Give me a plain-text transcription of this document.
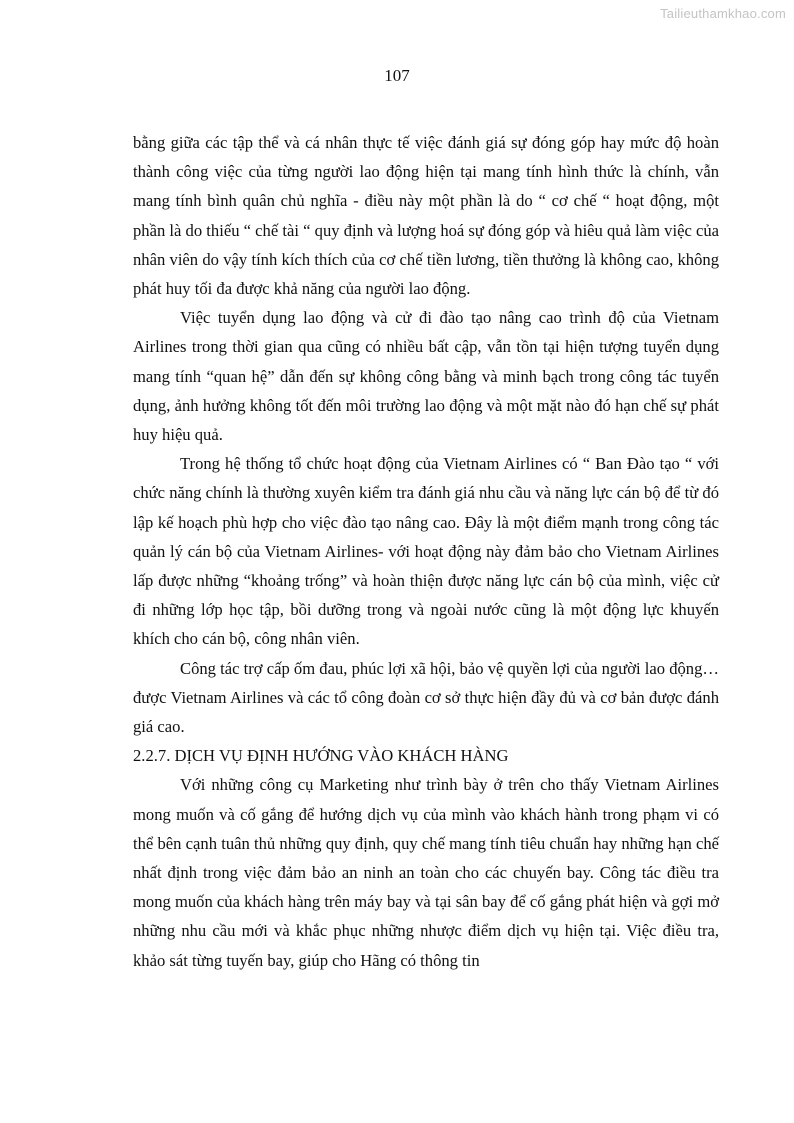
Tailieuthamkhao.com
107

bằng giữa các tập thể và cá nhân thực tế việc đánh giá sự đóng góp hay mức độ hoàn thành công việc của từng người lao động hiện tại mang tính hình thức là chính, vẫn mang tính bình quân chủ nghĩa - điều này một phần là do “ cơ chế “ hoạt động, một phần là do thiếu “ chế tài “ quy định và lượng hoá sự đóng góp và hiêu quả làm việc của nhân viên do vậy tính kích thích của cơ chế tiền lương, tiền thưởng là không cao, không phát huy tối đa được khả năng của người lao động.

Việc tuyển dụng lao động và cử đi đào tạo nâng cao trình độ của Vietnam Airlines trong thời gian qua cũng có nhiều bất cập, vẫn tồn tại hiện tượng tuyển dụng mang tính “quan hệ” dẫn đến sự không công bằng và minh bạch trong công tác tuyển dụng, ảnh hưởng không tốt đến môi trường lao động và một mặt nào đó hạn chế sự phát huy hiệu quả.

Trong hệ thống tổ chức hoạt động của Vietnam Airlines có “ Ban Đào tạo “ với chức năng chính là thường xuyên kiểm tra đánh giá nhu cầu và năng lực cán bộ để từ đó lập kế hoạch phù hợp cho việc đào tạo nâng cao. Đây là một điểm mạnh trong công tác quản lý cán bộ của Vietnam Airlines- với hoạt động này đảm bảo cho Vietnam Airlines lấp được những “khoảng trống” và hoàn thiện được năng lực cán bộ của mình, việc cử đi những lớp học tập, bồi dưỡng trong và ngoài nước cũng là một động lực khuyến khích cho cán bộ, công nhân viên.

Công tác trợ cấp ốm đau, phúc lợi xã hội, bảo vệ quyền lợi của người lao động… được Vietnam Airlines và các tổ công đoàn cơ sở thực hiện đầy đủ và cơ bản được đánh giá cao.

2.2.7. DỊCH VỤ ĐỊNH HƯỚNG VÀO KHÁCH HÀNG

Với những công cụ Marketing như trình bày ở trên cho thấy Vietnam Airlines mong muốn và cố gắng để hướng dịch vụ của mình vào khách hành trong phạm vi có thể bên cạnh tuân thủ những quy định, quy chế mang tính tiêu chuẩn hay những hạn chế nhất định trong việc đảm bảo an ninh an toàn cho các chuyến bay. Công tác điều tra mong muốn của khách hàng trên máy bay và tại sân bay để cố gắng phát hiện và gợi mở những nhu cầu mới và khắc phục những nhược điểm dịch vụ hiện tại. Việc điều tra, khảo sát từng tuyến bay, giúp cho Hãng có thông tin
